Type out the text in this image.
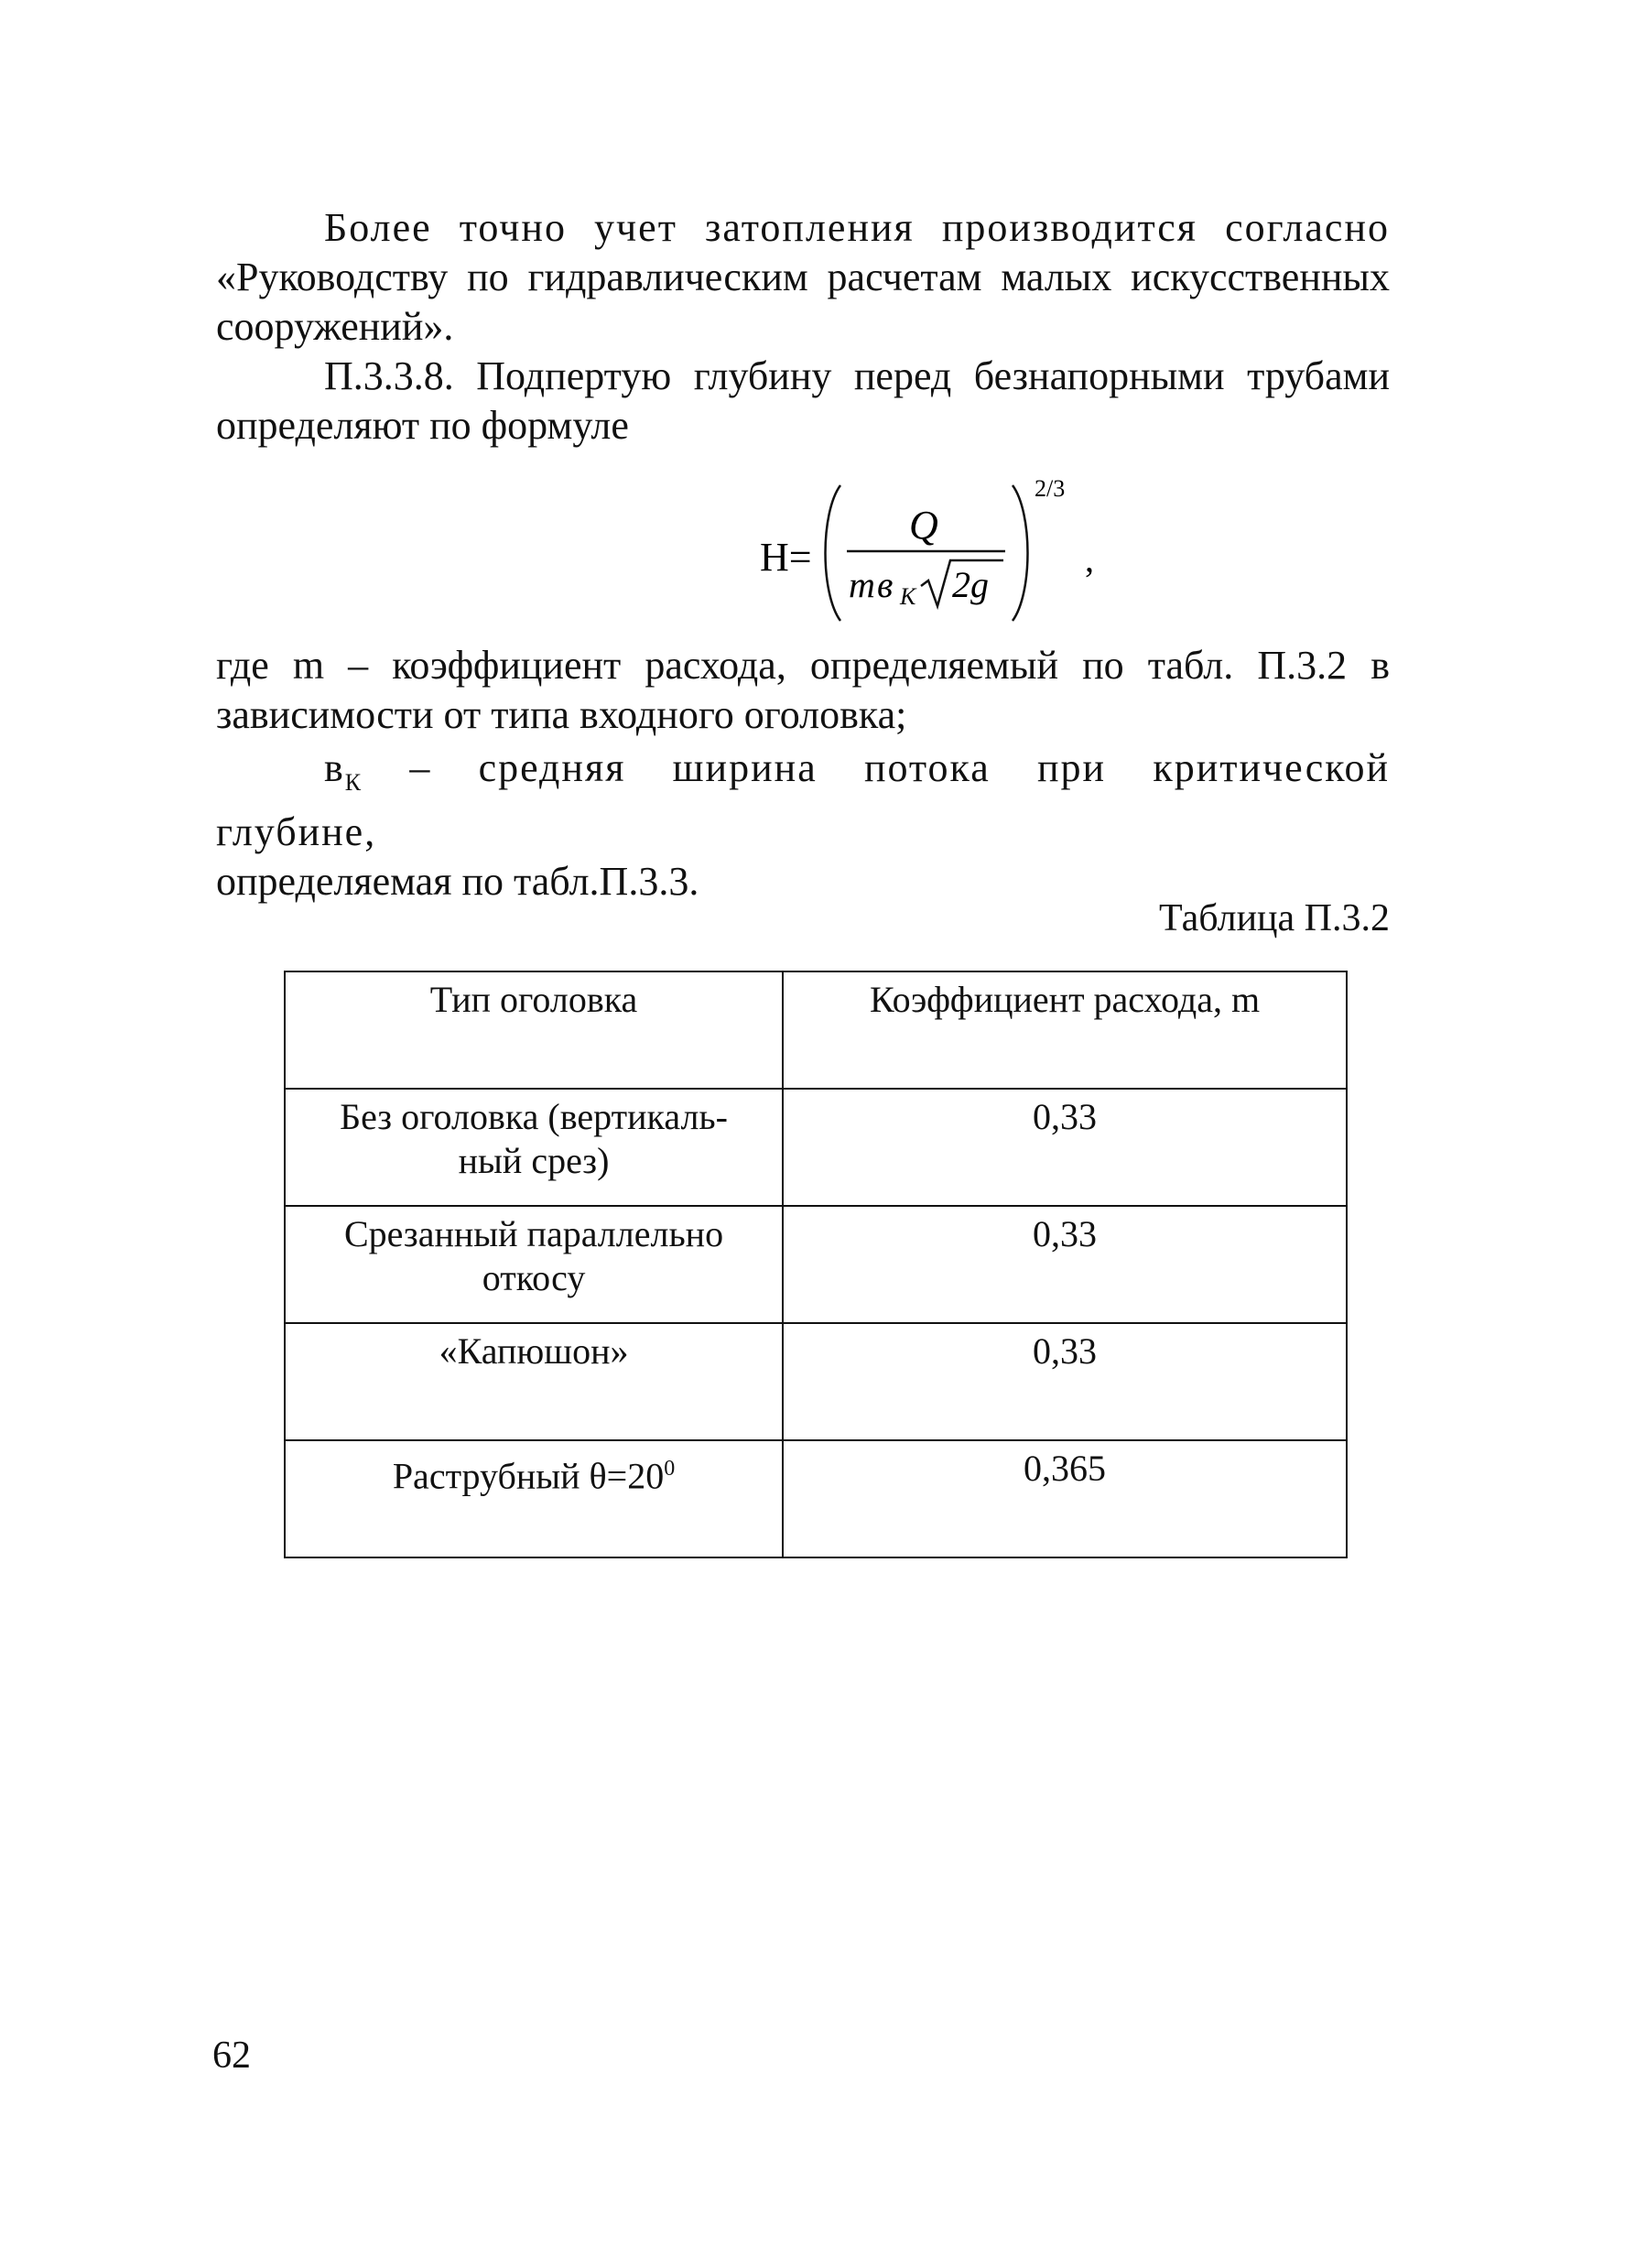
Более точно учет затопления производится согласно
«Руководству по гидравлическим расчетам малых искусственных
сооружений».
П.3.3.8. Подпертую глубину перед безнапорными трубами
определяют по формуле
H=
Q
m в K 2g
2/3
,
где m – коэффициент расхода, определяемый по табл. П.3.2 в
зависимости от типа входного оголовка;
$в_К$ – средняя ширина потока при критической глубине,
определяемая по табл.П.3.3.
Таблица П.3.2
Тип оголовка	Коэффициент расхода, m

Без оголовка (вертикаль-
ный срез)	0,33

Срезанный параллельно
откосу	0,33

«Капюшон»	0,33

Раструбный $\theta=20^0$	0,365
62
